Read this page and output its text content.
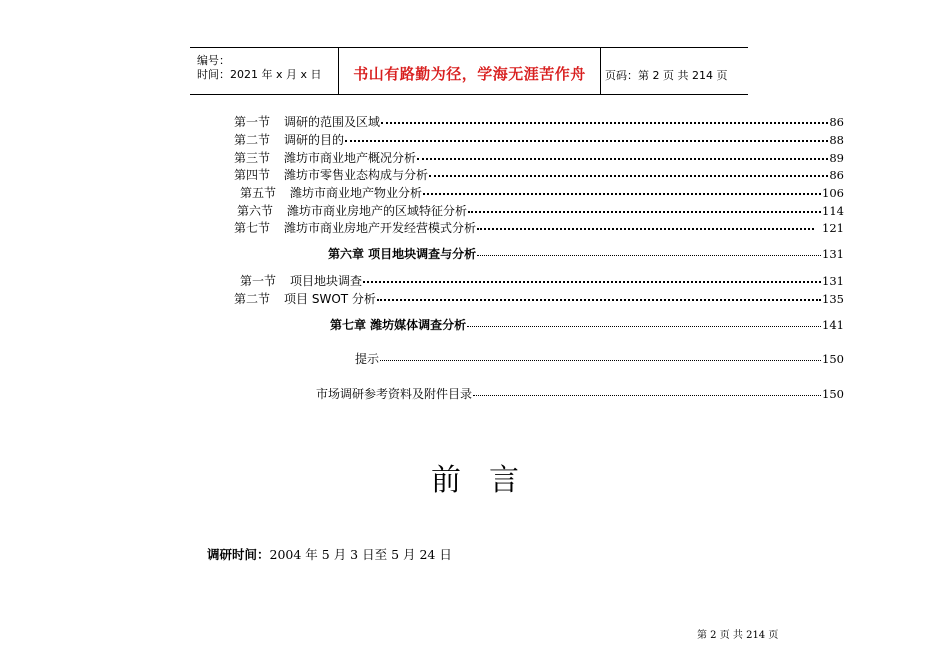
编号：
时间：2021 年 x 月 x 日	书山有路勤为径，学海无涯苦作舟	页码：第 2 页 共 214 页
第一节 调研的范围及区域	86
第二节 调研的目的	88
第三节 潍坊市商业地产概况分析	89
第四节 潍坊市零售业态构成与分析	86
第五节 潍坊市商业地产物业分析	106
第六节 潍坊市商业房地产的区域特征分析	114
第七节 潍坊市商业房地产开发经营模式分析	121
第六章 项目地块调查与分析	131
第一节 项目地块调查	131
第二节 项目 SWOT 分析	135
第七章 潍坊媒体调查分析	141
提示	150
市场调研参考资料及附件目录	150
前言
调研时间：2004 年 5 月 3 日至 5 月 24 日
第 2 页 共 214 页
